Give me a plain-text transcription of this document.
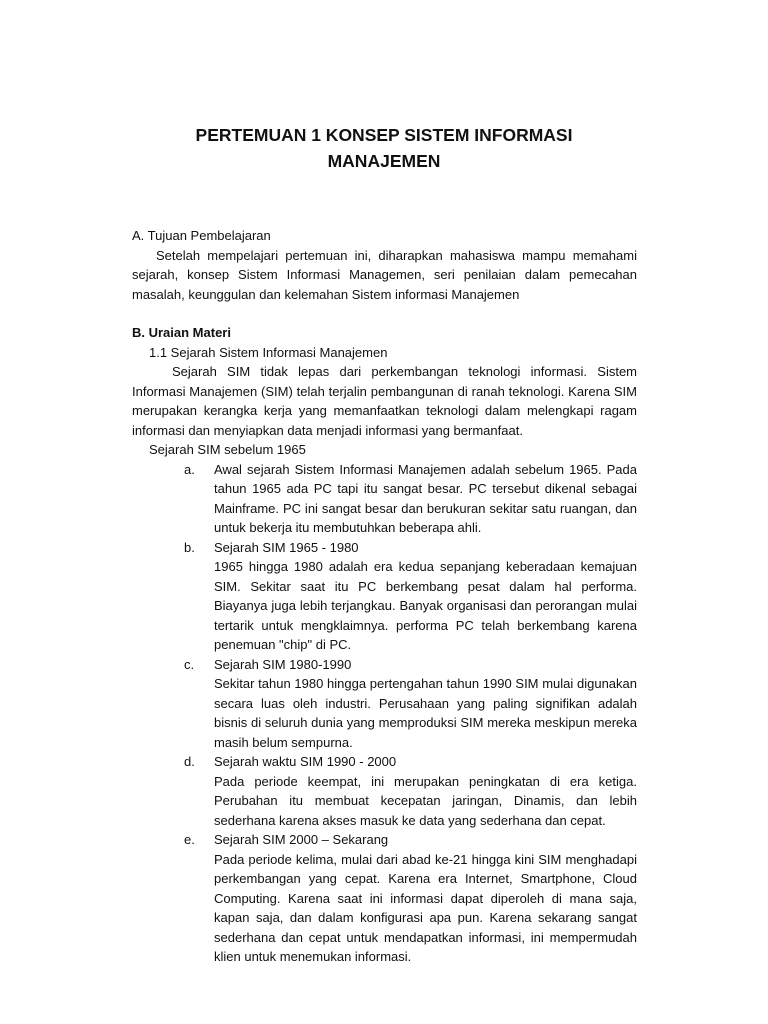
PERTEMUAN 1 KONSEP SISTEM INFORMASI
MANAJEMEN

A. Tujuan Pembelajaran

Setelah mempelajari pertemuan ini, diharapkan mahasiswa mampu memahami sejarah, konsep Sistem Informasi Managemen, seri penilaian dalam pemecahan masalah, keunggulan dan kelemahan Sistem informasi Manajemen

B. Uraian Materi

1.1 Sejarah Sistem Informasi Manajemen

Sejarah SIM tidak lepas dari perkembangan teknologi informasi. Sistem Informasi Manajemen (SIM) telah terjalin pembangunan di ranah teknologi. Karena SIM merupakan kerangka kerja yang memanfaatkan teknologi dalam melengkapi ragam informasi dan menyiapkan data menjadi informasi yang bermanfaat.

Sejarah SIM sebelum 1965

a. Awal sejarah Sistem Informasi Manajemen adalah sebelum 1965. Pada tahun 1965 ada PC tapi itu sangat besar. PC tersebut dikenal sebagai Mainframe. PC ini sangat besar dan berukuran sekitar satu ruangan, dan untuk bekerja itu membutuhkan beberapa ahli.

b. Sejarah SIM 1965 - 1980

1965 hingga 1980 adalah era kedua sepanjang keberadaan kemajuan SIM. Sekitar saat itu PC berkembang pesat dalam hal performa. Biayanya juga lebih terjangkau. Banyak organisasi dan perorangan mulai tertarik untuk mengklaimnya. performa PC telah berkembang karena penemuan "chip" di PC.

c. Sejarah SIM 1980-1990

Sekitar tahun 1980 hingga pertengahan tahun 1990 SIM mulai digunakan secara luas oleh industri. Perusahaan yang paling signifikan adalah bisnis di seluruh dunia yang memproduksi SIM mereka meskipun mereka masih belum sempurna.

d. Sejarah waktu SIM 1990 - 2000

Pada periode keempat, ini merupakan peningkatan di era ketiga. Perubahan itu membuat kecepatan jaringan, Dinamis, dan lebih sederhana karena akses masuk ke data yang sederhana dan cepat.

e. Sejarah SIM 2000 – Sekarang

Pada periode kelima, mulai dari abad ke-21 hingga kini SIM menghadapi perkembangan yang cepat. Karena era Internet, Smartphone, Cloud Computing. Karena saat ini informasi dapat diperoleh di mana saja, kapan saja, dan dalam konfigurasi apa pun. Karena sekarang sangat sederhana dan cepat untuk mendapatkan informasi, ini mempermudah klien untuk menemukan informasi.
